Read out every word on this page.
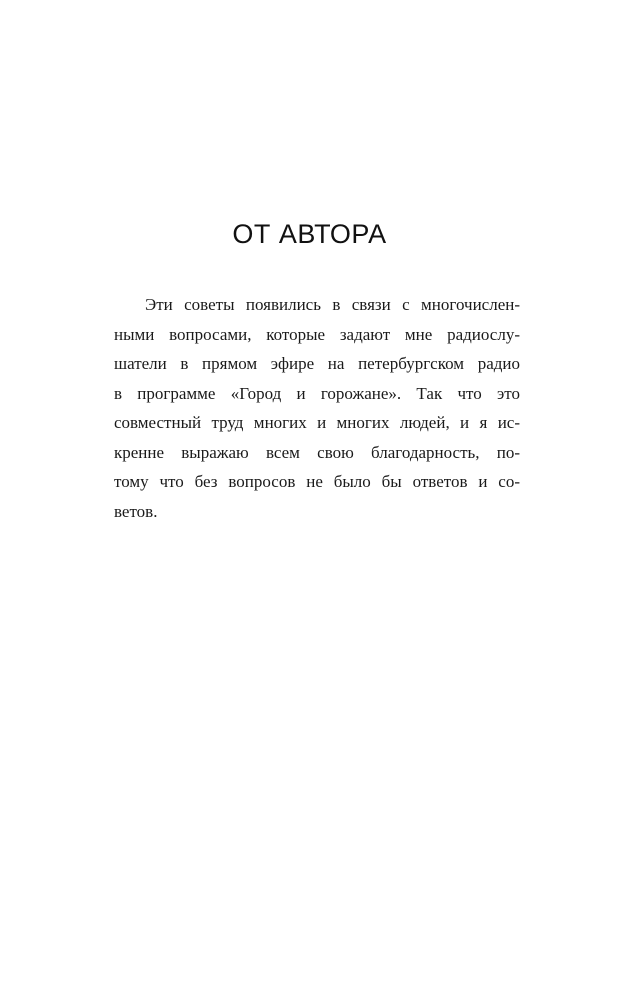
ОТ АВТОРА
Эти советы появились в связи с многочислен-
ными вопросами, которые задают мне радиослу-
шатели в прямом эфире на петербургском радио
в программе «Город и горожане». Так что это
совместный труд многих и многих людей, и я ис-
кренне выражаю всем свою благодарность, по-
тому что без вопросов не было бы ответов и со-
ветов.
